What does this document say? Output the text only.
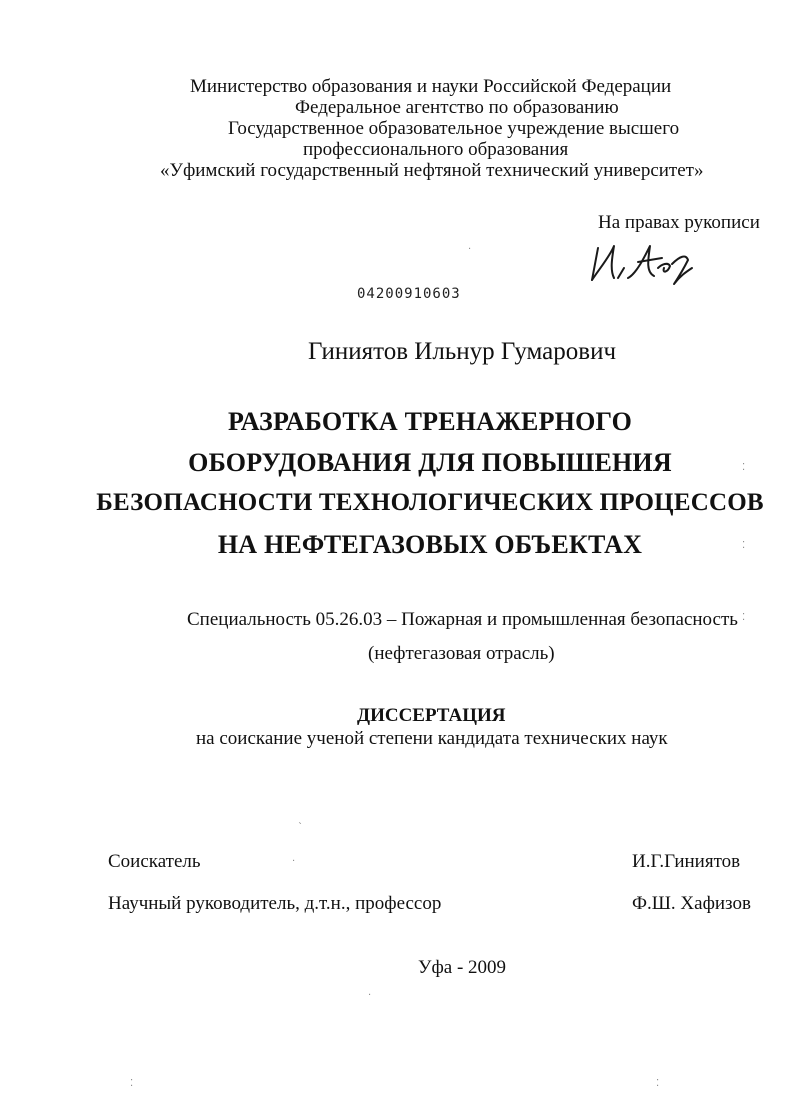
Министерство образования и науки Российской Федерации
Федеральное агентство по образованию
Государственное образовательное учреждение высшего
профессионального образования
«Уфимский государственный нефтяной технический университет»
На правах рукописи
04200910603
Гиниятов Ильнур Гумарович
РАЗРАБОТКА ТРЕНАЖЕРНОГО
ОБОРУДОВАНИЯ ДЛЯ ПОВЫШЕНИЯ
БЕЗОПАСНОСТИ ТЕХНОЛОГИЧЕСКИХ ПРОЦЕССОВ
НА НЕФТЕГАЗОВЫХ ОБЪЕКТАХ
Специальность 05.26.03 – Пожарная и промышленная безопасность
(нефтегазовая отрасль)
ДИССЕРТАЦИЯ
на соискание ученой степени кандидата технических наук
Соискатель	И.Г.Гиниятов
Научный руководитель, д.т.н., профессор	Ф.Ш. Хафизов
Уфа - 2009
·
⁚
⁚
⁚
`
·
·
⁚	⁚
